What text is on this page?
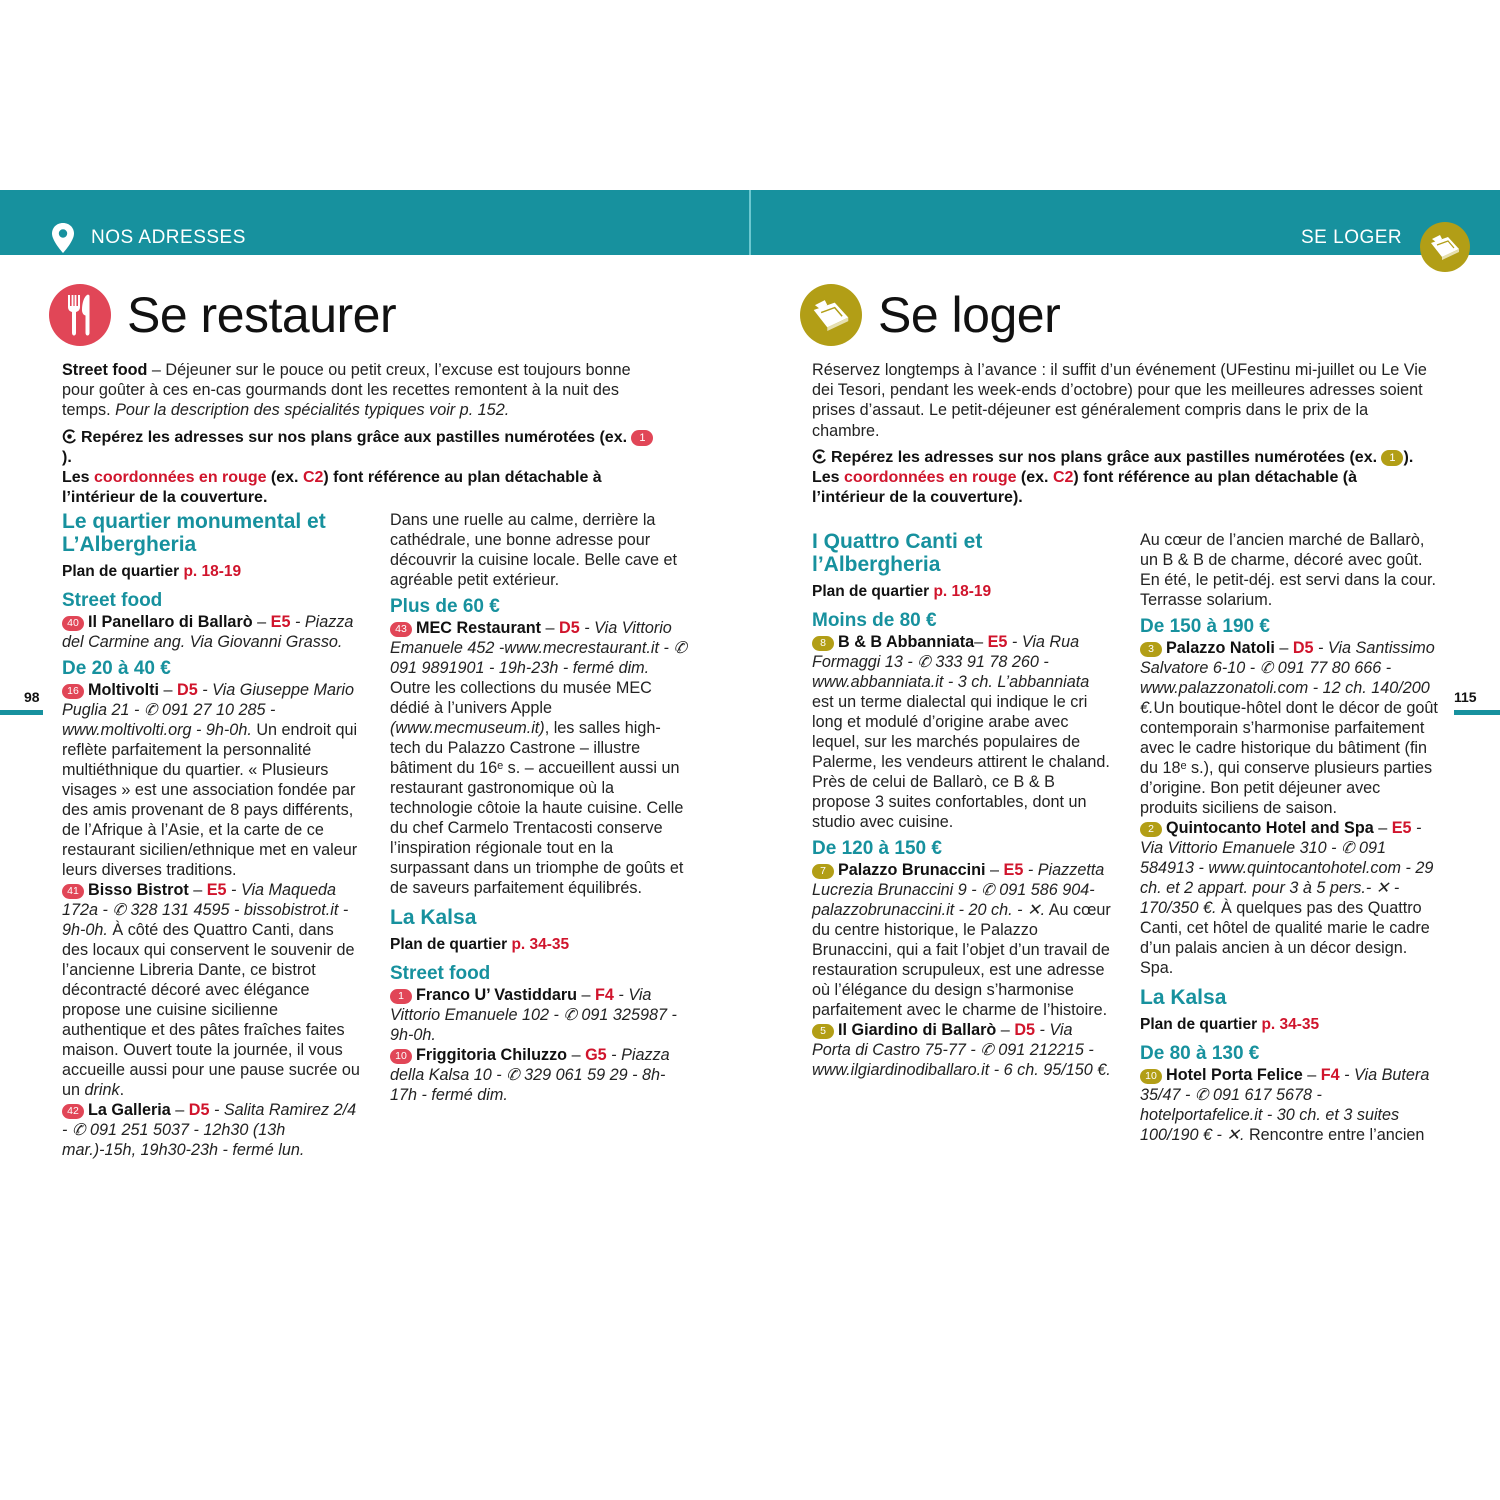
NOS ADRESSES	SE LOGER
Se restaurer	Se loger

Street food – Déjeuner sur le pouce ou petit creux, l’excuse est toujours bonne pour goûter à ces en-cas gourmands dont les recettes remontent à la nuit des temps. Pour la description des spécialités typiques voir p. 152.

Repérez les adresses sur nos plans grâce aux pastilles numérotées (ex. 1).
Les coordonnées en rouge (ex. C2) font référence au plan détachable à l’intérieur de la couverture.

Réservez longtemps à l’avance : il suffit d’un événement (UFestinu mi-juillet ou Le Vie dei Tesori, pendant les week-ends d’octobre) pour que les meilleures adresses soient prises d’assaut. Le petit-déjeuner est généralement compris dans le prix de la chambre.

Repérez les adresses sur nos plans grâce aux pastilles numérotées (ex. 1 ).
Les coordonnées en rouge (ex. C2) font référence au plan détachable (à l’intérieur de la couverture).

Le quartier monumental et L’Albergheria
Plan de quartier p. 18-19
Street food

40 Il Panellaro di Ballarò – E5 - Piazza del Carmine ang. Via Giovanni Grasso.

De 20 à 40 €

16 Moltivolti – D5 - Via Giuseppe Mario Puglia 21 - ✆ 091 27 10 285 - www.moltivolti.org - 9h-0h. Un endroit qui reflète parfaitement la personnalité multiéthnique du quartier. « Plusieurs visages » est une association fondée par des amis provenant de 8 pays différents, de l’Afrique à l’Asie, et la carte de ce restaurant sicilien/ethnique met en valeur leurs diverses traditions.

41 Bisso Bistrot – E5 - Via Maqueda 172a - ✆ 328 131 4595 - bissobistrot.it - 9h-0h. À côté des Quattro Canti, dans des locaux qui conservent le souvenir de l’ancienne Libreria Dante, ce bistrot décontracté décoré avec élégance propose une cuisine sicilienne authentique et des pâtes fraîches faites maison. Ouvert toute la journée, il vous accueille aussi pour une pause sucrée ou un drink.

42 La Galleria – D5 - Salita Ramirez 2/4 - ✆ 091 251 5037 - 12h30 (13h mar.)-15h, 19h30-23h - fermé lun.

Dans une ruelle au calme, derrière la cathédrale, une bonne adresse pour découvrir la cuisine locale. Belle cave et agréable petit extérieur.

Plus de 60 €

43 MEC Restaurant – D5 - Via Vittorio Emanuele 452 -www.mecrestaurant.it - ✆ 091 9891901 - 19h-23h - fermé dim. Outre les collections du musée MEC dédié à l’univers Apple (www.mecmuseum.it), les salles high-tech du Palazzo Castrone – illustre bâtiment du 16ᵉ s. – accueillent aussi un restaurant gastronomique où la technologie côtoie la haute cuisine. Celle du chef Carmelo Trentacosti conserve l’inspiration régionale tout en la surpassant dans un triomphe de goûts et de saveurs parfaitement équilibrés.

La Kalsa
Plan de quartier p. 34-35
Street food

1 Franco U’ Vastiddaru – F4 - Via Vittorio Emanuele 102 - ✆ 091 325987 - 9h-0h.

10 Friggitoria Chiluzzo – G5 - Piazza della Kalsa 10 - ✆ 329 061 59 29 - 8h-17h - fermé dim.

I Quattro Canti et l’Albergheria
Plan de quartier p. 18-19
Moins de 80 €

8 B & B Abbanniata– E5 - Via Rua Formaggi 13 - ✆ 333 91 78 260 - www.abbanniata.it - 3 ch. L’abbanniata est un terme dialectal qui indique le cri long et modulé d’origine arabe avec lequel, sur les marchés populaires de Palerme, les vendeurs attirent le chaland. Près de celui de Ballarò, ce B & B propose 3 suites confortables, dont un studio avec cuisine.

De 120 à 150 €

7 Palazzo Brunaccini – E5 - Piazzetta Lucrezia Brunaccini 9 - ✆ 091 586 904- palazzobrunaccini.it - 20 ch. - ✕. Au cœur du centre historique, le Palazzo Brunaccini, qui a fait l’objet d’un travail de restauration scrupuleux, est une adresse où l’élégance du design s’harmonise parfaitement avec le charme de l’histoire.

5 Il Giardino di Ballarò – D5 - Via Porta di Castro 75-77 - ✆ 091 212215 - www.ilgiardinodiballaro.it - 6 ch. 95/150 €.

Au cœur de l’ancien marché de Ballarò, un B & B de charme, décoré avec goût. En été, le petit-déj. est servi dans la cour. Terrasse solarium.

De 150 à 190 €

3 Palazzo Natoli – D5 - Via Santissimo Salvatore 6-10 - ✆ 091 77 80 666 - www.palazzonatoli.com - 12 ch. 140/200 €.Un boutique-hôtel dont le décor de goût contemporain s’harmonise parfaitement avec le cadre historique du bâtiment (fin du 18ᵉ s.), qui conserve plusieurs parties d’origine. Bon petit déjeuner avec produits siciliens de saison.

2 Quintocanto Hotel and Spa – E5 - Via Vittorio Emanuele 310 - ✆ 091 584913 - www.quintocantohotel.com - 29 ch. et 2 appart. pour 3 à 5 pers.- ✕ - 170/350 €. À quelques pas des Quattro Canti, cet hôtel de qualité marie le cadre d’un palais ancien à un décor design. Spa.

La Kalsa
Plan de quartier p. 34-35
De 80 à 130 €

10 Hotel Porta Felice – F4 - Via Butera 35/47 - ✆ 091 617 5678 - hotelportafelice.it - 30 ch. et 3 suites 100/190 € - ✕. Rencontre entre l’ancien

98	115
